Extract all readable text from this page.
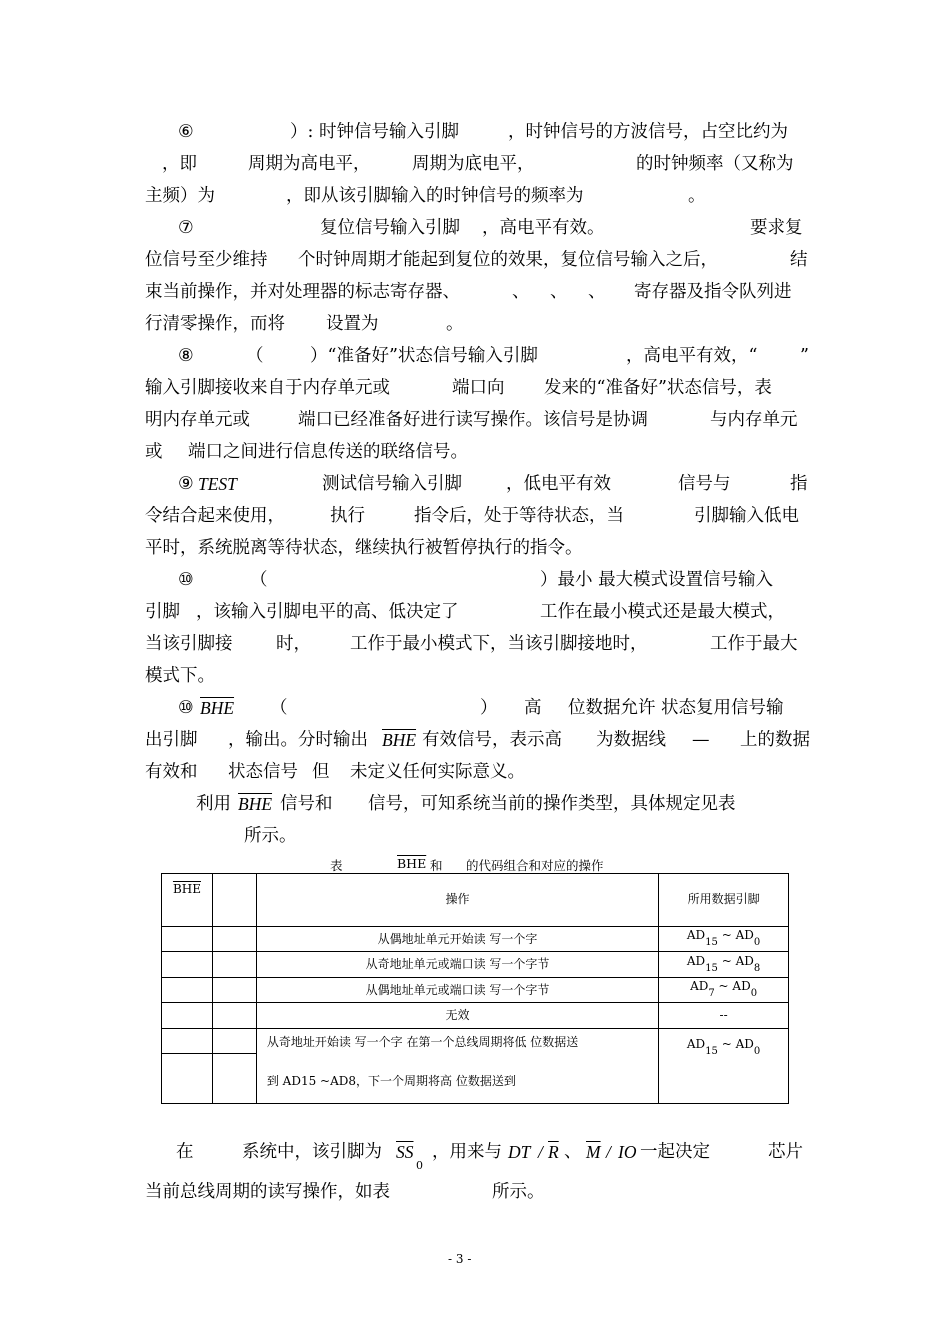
⑥	）: 时钟信号输入引脚	，时钟信号的方波信号，占空比约为
，即	周期为高电平， 周期为底电平，	的时钟频率（又称为
主频）为	，即从该引脚输入的时钟信号的频率为	。
⑦	复位信号输入引脚 ，高电平有效。	要求复
位信号至少维持 个时钟周期才能起到复位的效果，复位信号输入之后，	结
束当前操作，并对处理器的标志寄存器、	、 、 、 寄存器及指令队列进
行清零操作，而将 设置为	。
⑧	（	）“准备好”状态信号输入引脚	，高电平有效，“ ”
输入引脚接收来自于内存单元或	端口向 发来的“准备好”状态信号，表
明内存单元或	端口已经准备好进行读写操作。该信号是协调	与内存单元
或 端口之间进行信息传送的联络信号。
⑨ TEST	测试信号输入引脚	，低电平有效	信号与	指
令结合起来使用，	执行	指令后，处于等待状态，当	引脚输入低电
平时，系统脱离等待状态，继续执行被暂停执行的指令。
⑩	（	）最小 最大模式设置信号输入
引脚 ，该输入引脚电平的高、低决定了	工作在最小模式还是最大模式，
当该引脚接 时， 工作于最小模式下，当该引脚接地时，	工作于最大
模式下。
⑩ $\overline{BHE}$ （	） 高 位数据允许 状态复用信号输
出引脚 ，输出。分时输出 $\overline{BHE}$ 有效信号，表示高 为数据线 — 上的数据
有效和 状态信号 但 未定义任何实际意义。
利用 $\overline{BHE}$ 信号和 信号，可知系统当前的操作类型，具体规定见表
所示。
表	$\overline{BHE}$ 和 的代码组合和对应的操作
$\overline{BHE}$		操作	所用数据引脚
		从偶地址单元开始读 写一个字	$AD_{15}$ ~ $AD_0$
		从奇地址单元或端口读 写一个字节	$AD_{15}$ ~ $AD_8$
		从偶地址单元或端口读 写一个字节	$AD_7$ ~ $AD_0$
		无效	--

		从奇地址开始读 写一个字 在第一个总线周期将低 位数据送
到 AD15 ~AD8，下一个周期将高 位数据送到	$AD_{15}$ ~ $AD_0$

在	系统中，该引脚为 $\overline{SS}$
0
，用来与 DT / $\overline{R}$ 、 $\overline{M}$ / IO 一起决定	芯片
当前总线周期的读写操作，如表	所示。
- 3 -
